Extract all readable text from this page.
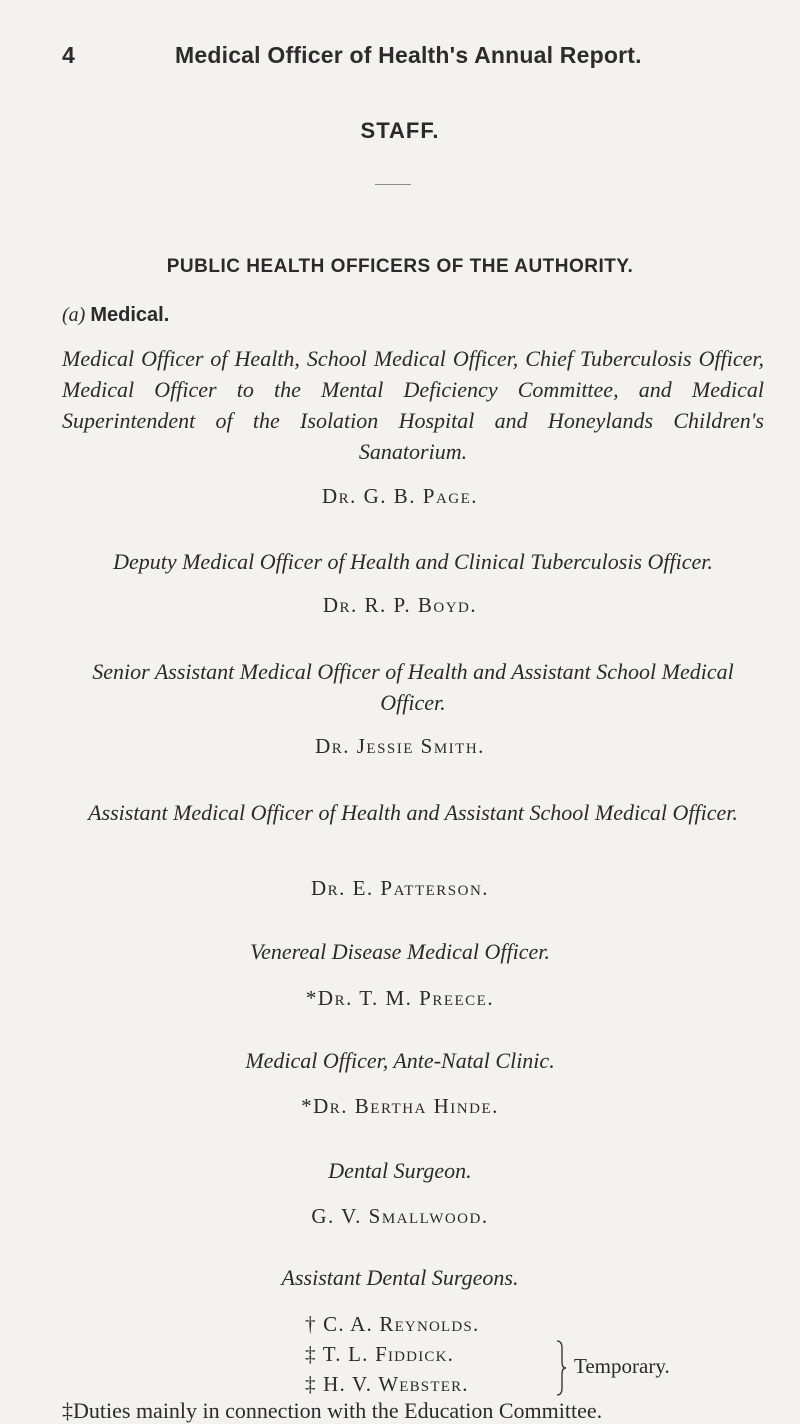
4	Medical Officer of Health's Annual Report.
STAFF.
PUBLIC HEALTH OFFICERS OF THE AUTHORITY.
(a) Medical.
Medical Officer of Health, School Medical Officer, Chief Tuberculosis Officer, Medical Officer to the Mental Deficiency Committee, and Medical Superintendent of the Isolation Hospital and Honeylands Children's Sanatorium.
Dr. G. B. Page.
Deputy Medical Officer of Health and Clinical Tuberculosis Officer.
Dr. R. P. Boyd.
Senior Assistant Medical Officer of Health and Assistant School Medical Officer.
Dr. Jessie Smith.
Assistant Medical Officer of Health and Assistant School Medical Officer.
Dr. E. Patterson.
Venereal Disease Medical Officer.
*Dr. T. M. Preece.
Medical Officer, Ante-Natal Clinic.
*Dr. Bertha Hinde.
Dental Surgeon.
G. V. Smallwood.
Assistant Dental Surgeons.
† C. A. Reynolds.
‡ T. L. Fiddick.
‡ H. V. Webster.
Temporary.
‡Duties mainly in connection with the Education Committee.
